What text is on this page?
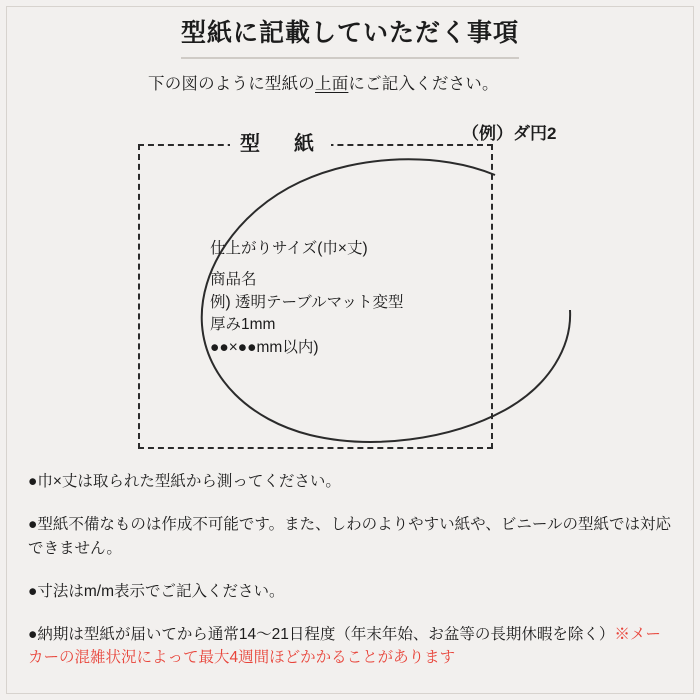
型紙に記載していただく事項
下の図のように型紙の上面にご記入ください。
型　紙	（例）ダ円2
仕上がりサイズ(巾×丈)
商品名
例) 透明テーブルマット変型
厚み1mm
●●×●●mm以内)
●巾×丈は取られた型紙から測ってください。
●型紙不備なものは作成不可能です。また、しわのよりやすい紙や、ビニールの型紙では対応できません。
●寸法はm/m表示でご記入ください。
●納期は型紙が届いてから通常14〜21日程度（年末年始、お盆等の長期休暇を除く）※メーカーの混雑状況によって最大4週間ほどかかることがあります
